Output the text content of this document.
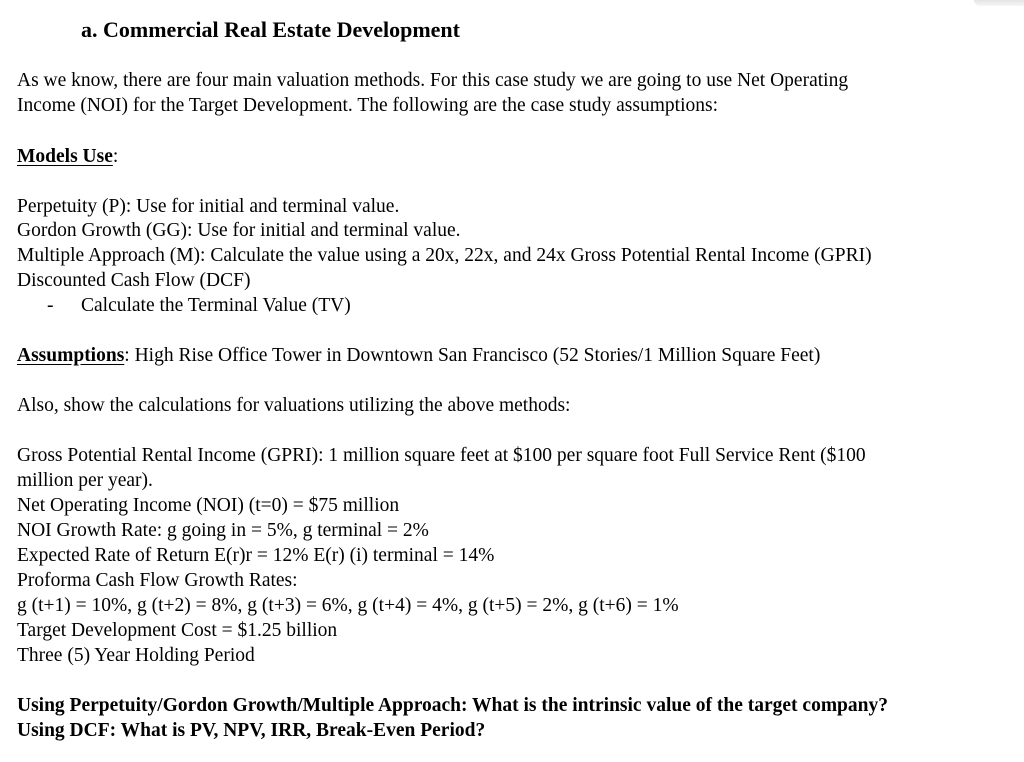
a. Commercial Real Estate Development

As we know, there are four main valuation methods. For this case study we are going to use Net Operating

Income (NOI) for the Target Development. The following are the case study assumptions:

Models Use:

Perpetuity (P): Use for initial and terminal value.

Gordon Growth (GG): Use for initial and terminal value.

Multiple Approach (M): Calculate the value using a 20x, 22x, and 24x Gross Potential Rental Income (GPRI)

Discounted Cash Flow (DCF)

- Calculate the Terminal Value (TV)

Assumptions: High Rise Office Tower in Downtown San Francisco (52 Stories/1 Million Square Feet)

Also, show the calculations for valuations utilizing the above methods:

Gross Potential Rental Income (GPRI): 1 million square feet at $100 per square foot Full Service Rent ($100

million per year).

Net Operating Income (NOI) (t=0) = $75 million

NOI Growth Rate: g going in = 5%, g terminal = 2%

Expected Rate of Return E(r)r = 12% E(r) (i) terminal = 14%

Proforma Cash Flow Growth Rates:

g (t+1) = 10%, g (t+2) = 8%, g (t+3) = 6%, g (t+4) = 4%, g (t+5) = 2%, g (t+6) = 1%

Target Development Cost = $1.25 billion

Three (5) Year Holding Period

Using Perpetuity/Gordon Growth/Multiple Approach: What is the intrinsic value of the target company?

Using DCF: What is PV, NPV, IRR, Break-Even Period?
